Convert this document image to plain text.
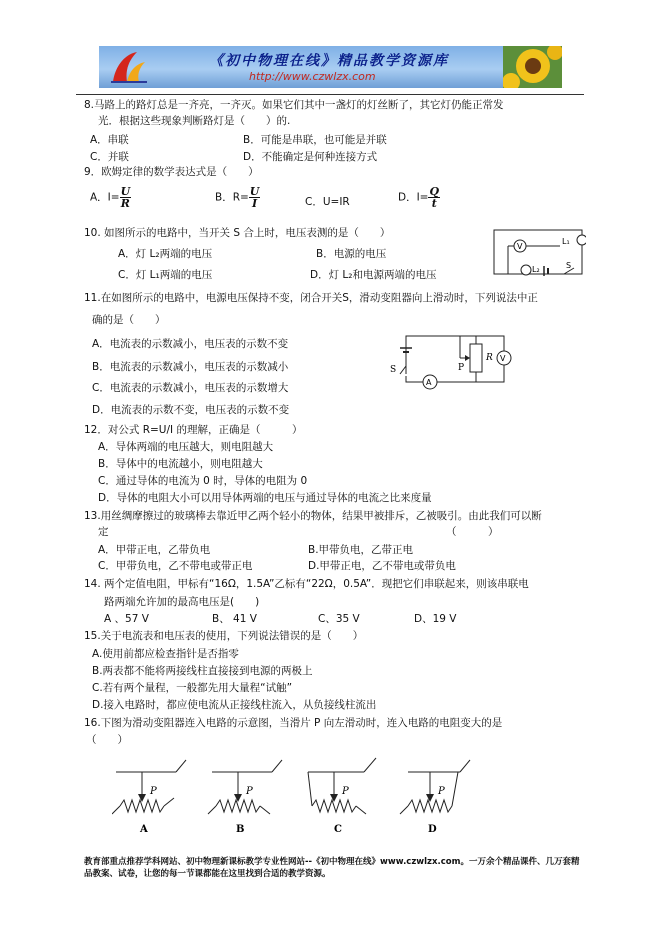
《初中物理在线》精品教学资源库
http://www.czwlzx.com
8.马路上的路灯总是一齐亮，一齐灭。如果它们其中一盏灯的灯丝断了，其它灯仍能正常发
光．根据这些现象判断路灯是（　　）的.
A．串联	B．可能是串联，也可能是并联
C．并联	D．不能确定是何种连接方式
9．欧姆定律的数学表达式是（　　）
A．$I= \frac{U}{R}$	B．$R= \frac{U}{I}$	C．U=IR	D．$I= \frac{Q}{t}$
10. 如图所示的电路中，当开关 S 合上时，电压表测的是（　　）
A．灯 L₂两端的电压	B．电源的电压
C．灯 L₁两端的电压	D．灯 L₂和电源两端的电压
V
L₁
L₂	S
11.在如图所示的电路中，电源电压保持不变，闭合开关S，滑动变阻器向上滑动时，下列说法中正
确的是（　　）
A．电流表的示数减小，电压表的示数不变
B．电流表的示数减小，电压表的示数减小
C．电流表的示数减小，电压表的示数增大
D．电流表的示数不变，电压表的示数不变
S
A
P
R V
12．对公式 R=U/I 的理解，正确是（　　　）
A．导体两端的电压越大，则电阻越大
B．导体中的电流越小，则电阻越大
C．通过导体的电流为 0 时，导体的电阻为 0
D．导体的电阻大小可以用导体两端的电压与通过导体的电流之比来度量
13.用丝绸摩擦过的玻璃棒去靠近甲乙两个轻小的物体，结果甲被排斥，乙被吸引。由此我们可以断
定	（　　　）
A．甲带正电，乙带负电	B.甲带负电，乙带正电
C．甲带负电，乙不带电或带正电	D.甲带正电，乙不带电或带负电
14. 两个定值电阻，甲标有“16Ω，1.5A”乙标有“22Ω，0.5A”．现把它们串联起来，则该串联电
路两端允许加的最高电压是(　　)
A 、57 V	B、 41 V	C、35 V	D、19 V
15.关于电流表和电压表的使用，下列说法错误的是（　　）
A.使用前都应检查指针是否指零
B.两表都不能将两接线柱直接接到电源的两极上
C.若有两个量程，一般都先用大量程“试触”
D.接入电路时，都应使电流从正接线柱流入，从负接线柱流出
16.下图为滑动变阻器连入电路的示意图，当滑片 P 向左滑动时，连入电路的电阻变大的是
（　　）
P
A
P
B
P
C
P
D
教育部重点推荐学科网站、初中物理新课标教学专业性网站--《初中物理在线》www.czwlzx.com。一万余个精品课件、几万套精品教案、试卷，让您的每一节课都能在这里找到合适的教学资源。
